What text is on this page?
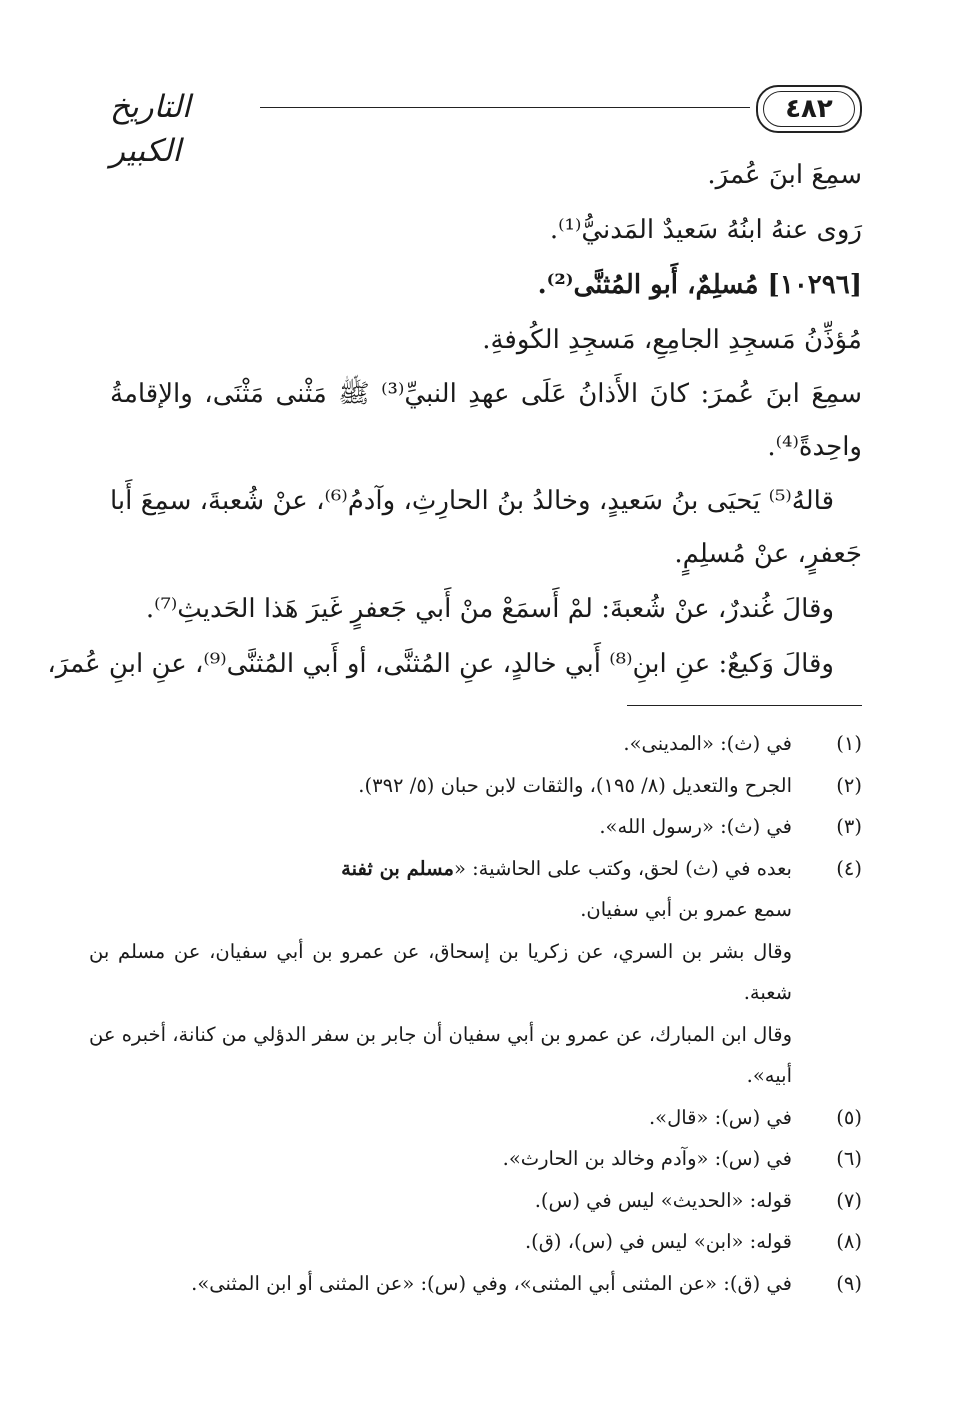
التاريخ الكبير
٤٨٢
سمِعَ ابنَ عُمرَ.
رَوى عنهُ ابنُهُ سَعيدٌ المَدنيُّ⁽¹⁾.
[١٠٢٩٦] مُسلِمٌ، أَبو المُثنَّى⁽²⁾.
مُؤذِّنُ مَسجِدِ الجامِعِ، مَسجِدِ الكُوفةِ.
سمِعَ ابنَ عُمرَ: كانَ الأَذانُ عَلَى عهدِ النبيِّ⁽³⁾ ﷺ مَثْنى مَثْنَى، والإقامةُ
واحِدةً⁽⁴⁾.
قالهُ⁽⁵⁾ يَحيَى بنُ سَعيدٍ، وخالدُ بنُ الحارِثِ، وآدمُ⁽⁶⁾، عنْ شُعبةَ، سمِعَ أَبا
جَعفرٍ، عنْ مُسلِمٍ.
وقالَ غُندرٌ، عنْ شُعبةَ: لمْ أَسمَعْ منْ أَبي جَعفرٍ غَيرَ هَذا الحَديثِ⁽⁷⁾.
وقالَ وَكيعٌ: عنِ ابنِ⁽⁸⁾ أَبي خالدٍ، عنِ المُثنَّى، أو أَبي المُثنَّى⁽⁹⁾، عنِ ابنِ عُمرَ،
(١)
في (ث): «المدينى».
(٢)
الجرح والتعديل (٨/ ١٩٥)، والثقات لابن حبان (٥/ ٣٩٢).
(٣)
في (ث): «رسول الله».
(٤)
بعده في (ث) لحق، وكتب على الحاشية: «مسلم بن ثفنة
سمع عمرو بن أبي سفيان.
وقال بشر بن السري، عن زكريا بن إسحاق، عن عمرو بن أبي سفيان، عن مسلم بن
شعبة.
وقال ابن المبارك، عن عمرو بن أبي سفيان أن جابر بن سفر الدؤلي من كنانة، أخبره عن
أبيه».
(٥)
في (س): «قال».
(٦)
في (س): «وآدم وخالد بن الحارث».
(٧)
قوله: «الحديث» ليس في (س).
(٨)
قوله: «ابن» ليس في (س)، (ق).
(٩)
في (ق): «عن المثنى أبي المثنى»، وفي (س): «عن المثنى أو ابن المثنى».
